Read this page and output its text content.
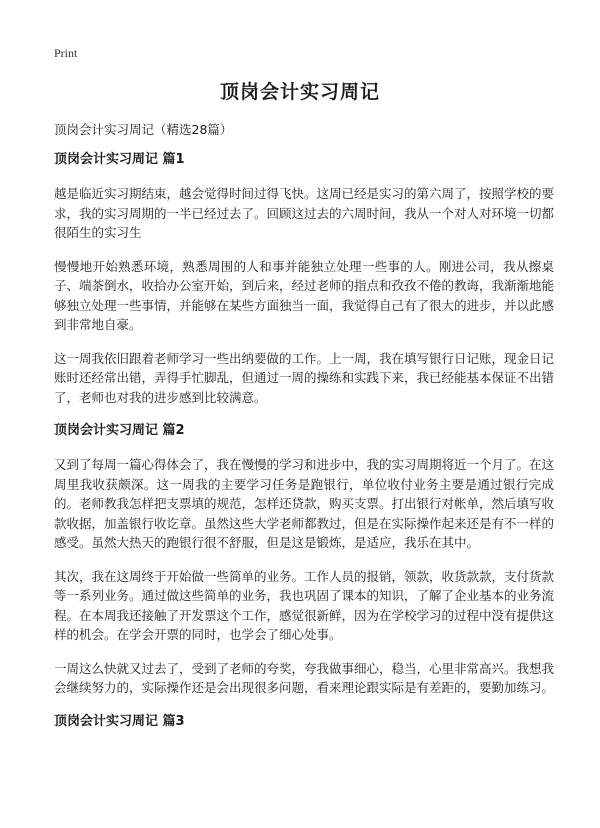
Print

顶岗会计实习周记

顶岗会计实习周记（精选28篇）

顶岗会计实习周记 篇1

越是临近实习期结束，越会觉得时间过得飞快。这周已经是实习的第六周了，按照学校的要求，我的实习周期的一半已经过去了。回顾这过去的六周时间，我从一个对人对环境一切都很陌生的实习生

慢慢地开始熟悉环境，熟悉周围的人和事并能独立处理一些事的人。刚进公司，我从擦桌子、端茶倒水，收拾办公室开始，到后来，经过老师的指点和孜孜不倦的教诲，我渐渐地能够独立处理一些事情，并能够在某些方面独当一面，我觉得自己有了很大的进步，并以此感到非常地自豪。

这一周我依旧跟着老师学习一些出纳要做的工作。上一周，我在填写银行日记账，现金日记账时还经常出错，弄得手忙脚乱，但通过一周的操练和实践下来，我已经能基本保证不出错了，老师也对我的进步感到比较满意。

顶岗会计实习周记 篇2

又到了每周一篇心得体会了，我在慢慢的学习和进步中，我的实习周期将近一个月了。在这周里我收获颇深。这一周我的主要学习任务是跑银行，单位收付业务主要是通过银行完成的。老师教我怎样把支票填的规范，怎样还贷款，购买支票。打出银行对帐单，然后填写收款收据，加盖银行收讫章。虽然这些大学老师都教过，但是在实际操作起来还是有不一样的感受。虽然大热天的跑银行很不舒服，但是这是锻炼，是适应，我乐在其中。

其次，我在这周终于开始做一些简单的业务。工作人员的报销，领款，收货款款，支付货款等一系列业务。通过做这些简单的业务，我也巩固了课本的知识，了解了企业基本的业务流程。在本周我还接触了开发票这个工作，感觉很新鲜，因为在学校学习的过程中没有提供这样的机会。在学会开票的同时，也学会了细心处事。

一周这么快就又过去了，受到了老师的夸奖，夸我做事细心，稳当，心里非常高兴。我想我会继续努力的，实际操作还是会出现很多问题，看来理论跟实际是有差距的，要勤加练习。

顶岗会计实习周记 篇3
